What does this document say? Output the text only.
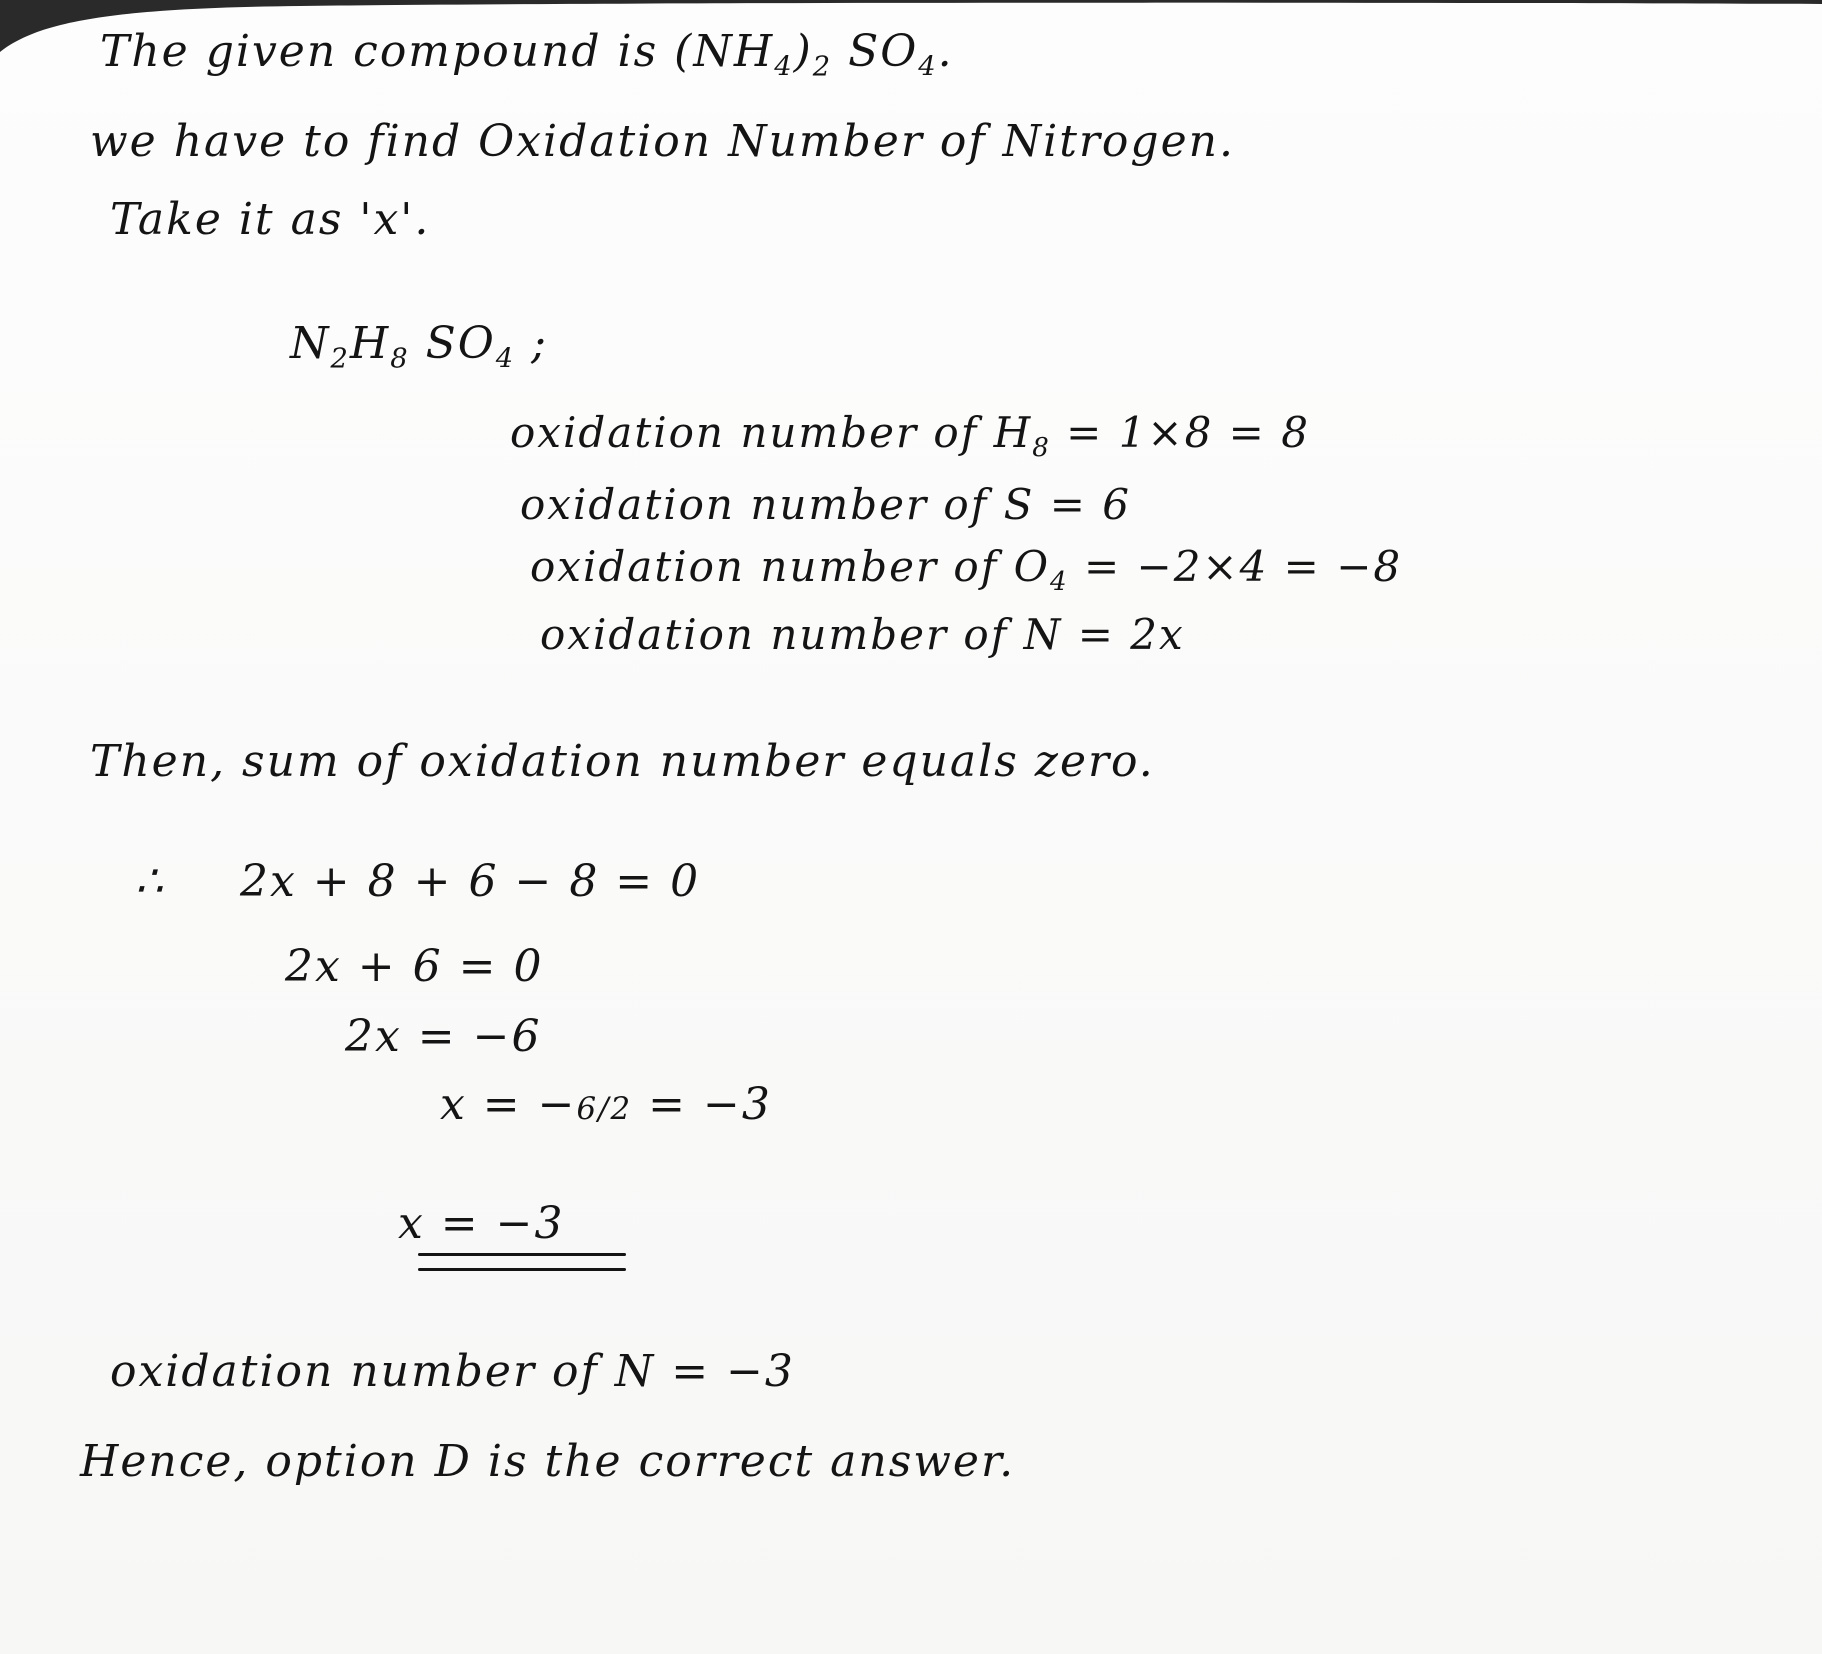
The given compound is $(NH_4)_2$ $SO_4$.
we have to find Oxidation Number of Nitrogen.
Take it as 'x'.
$N_2H_8$ $SO_4$ ;
oxidation number of $H_8 = 1\times 8 = 8$
oxidation number of S = 6
oxidation number of $O_4 = -2\times 4 = -8$
oxidation number of N = 2x
Then, sum of oxidation number equals zero.
∴ 2x + 8 + 6 − 8 = 0
2x + 6 = 0
2x = −6
x = −6/2 = −3
x = −3
oxidation number of N = −3
Hence, option D is the correct answer.
